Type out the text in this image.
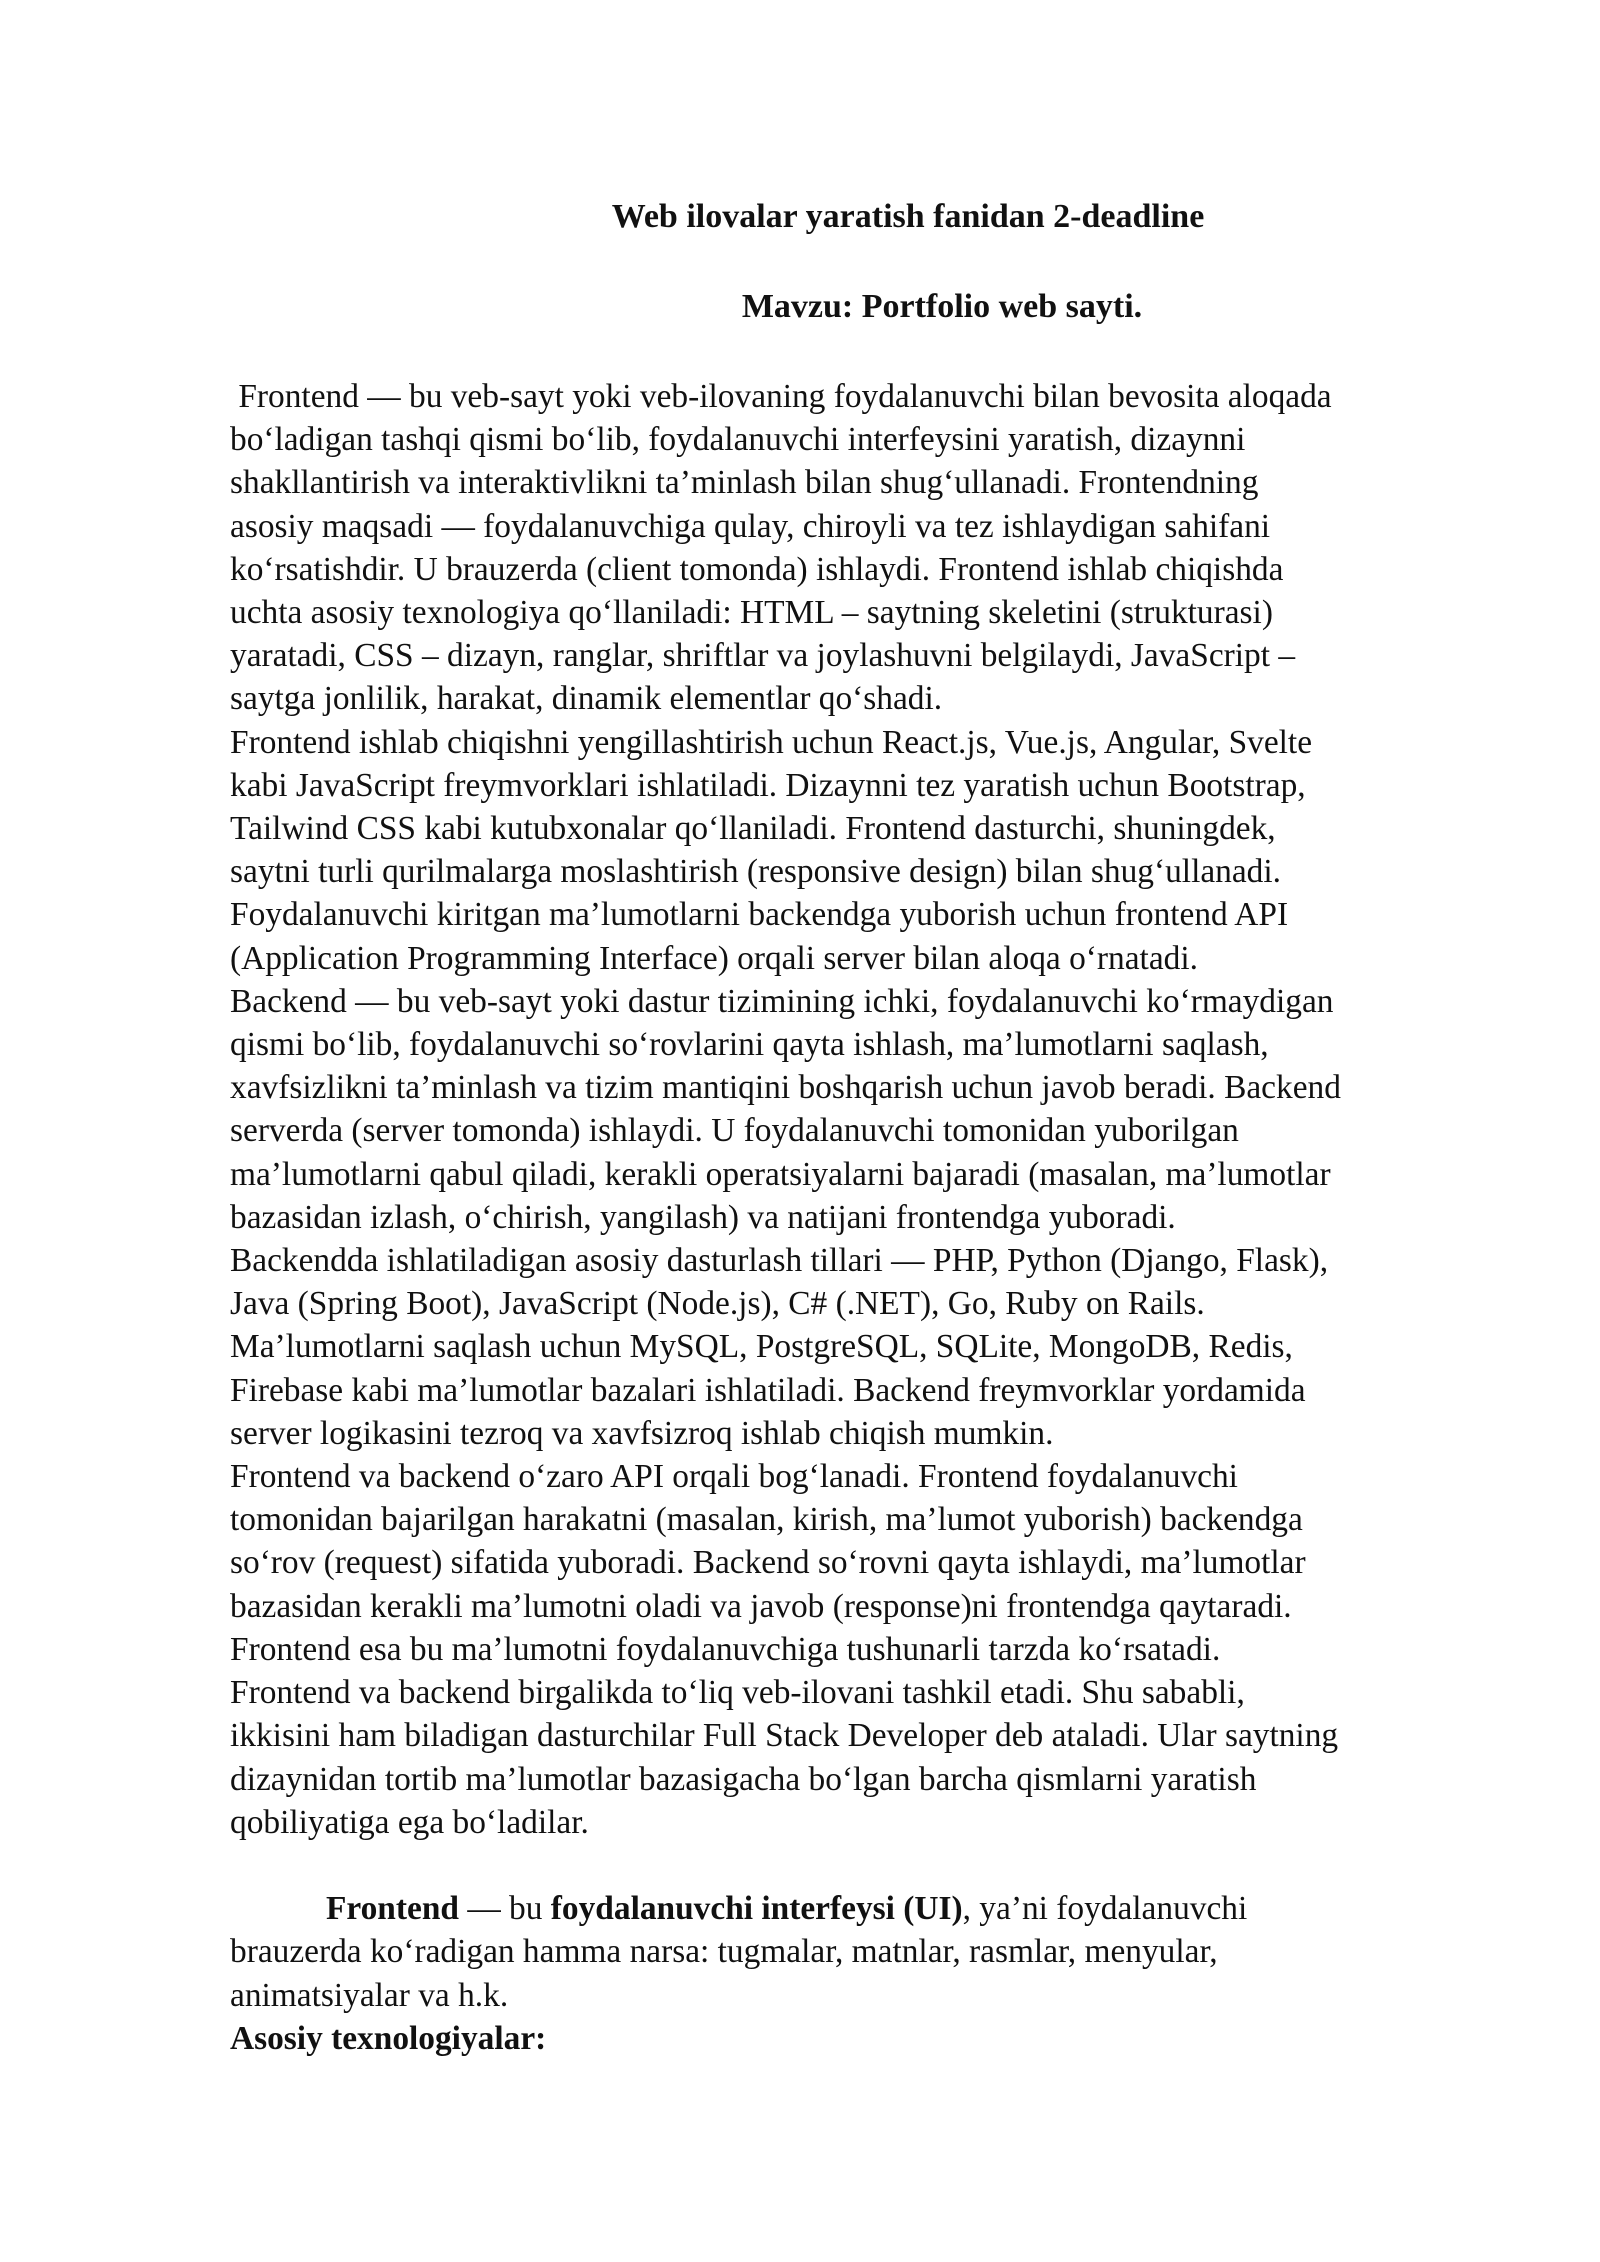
Web ilovalar yaratish fanidan 2-deadline
Mavzu: Portfolio web sayti.
Frontend — bu veb-sayt yoki veb-ilovaning foydalanuvchi bilan bevosita aloqada
bo‘ladigan tashqi qismi bo‘lib, foydalanuvchi interfeysini yaratish, dizaynni
shakllantirish va interaktivlikni ta’minlash bilan shug‘ullanadi. Frontendning
asosiy maqsadi — foydalanuvchiga qulay, chiroyli va tez ishlaydigan sahifani
ko‘rsatishdir. U brauzerda (client tomonda) ishlaydi. Frontend ishlab chiqishda
uchta asosiy texnologiya qo‘llaniladi: HTML – saytning skeletini (strukturasi)
yaratadi, CSS – dizayn, ranglar, shriftlar va joylashuvni belgilaydi, JavaScript –
saytga jonlilik, harakat, dinamik elementlar qo‘shadi.
Frontend ishlab chiqishni yengillashtirish uchun React.js, Vue.js, Angular, Svelte
kabi JavaScript freymvorklari ishlatiladi. Dizaynni tez yaratish uchun Bootstrap,
Tailwind CSS kabi kutubxonalar qo‘llaniladi. Frontend dasturchi, shuningdek,
saytni turli qurilmalarga moslashtirish (responsive design) bilan shug‘ullanadi.
Foydalanuvchi kiritgan ma’lumotlarni backendga yuborish uchun frontend API
(Application Programming Interface) orqali server bilan aloqa o‘rnatadi.
Backend — bu veb-sayt yoki dastur tizimining ichki, foydalanuvchi ko‘rmaydigan
qismi bo‘lib, foydalanuvchi so‘rovlarini qayta ishlash, ma’lumotlarni saqlash,
xavfsizlikni ta’minlash va tizim mantiqini boshqarish uchun javob beradi. Backend
serverda (server tomonda) ishlaydi. U foydalanuvchi tomonidan yuborilgan
ma’lumotlarni qabul qiladi, kerakli operatsiyalarni bajaradi (masalan, ma’lumotlar
bazasidan izlash, o‘chirish, yangilash) va natijani frontendga yuboradi.
Backendda ishlatiladigan asosiy dasturlash tillari — PHP, Python (Django, Flask),
Java (Spring Boot), JavaScript (Node.js), C# (.NET), Go, Ruby on Rails.
Ma’lumotlarni saqlash uchun MySQL, PostgreSQL, SQLite, MongoDB, Redis,
Firebase kabi ma’lumotlar bazalari ishlatiladi. Backend freymvorklar yordamida
server logikasini tezroq va xavfsizroq ishlab chiqish mumkin.
Frontend va backend o‘zaro API orqali bog‘lanadi. Frontend foydalanuvchi
tomonidan bajarilgan harakatni (masalan, kirish, ma’lumot yuborish) backendga
so‘rov (request) sifatida yuboradi. Backend so‘rovni qayta ishlaydi, ma’lumotlar
bazasidan kerakli ma’lumotni oladi va javob (response)ni frontendga qaytaradi.
Frontend esa bu ma’lumotni foydalanuvchiga tushunarli tarzda ko‘rsatadi.
Frontend va backend birgalikda to‘liq veb-ilovani tashkil etadi. Shu sababli,
ikkisini ham biladigan dasturchilar Full Stack Developer deb ataladi. Ular saytning
dizaynidan tortib ma’lumotlar bazasigacha bo‘lgan barcha qismlarni yaratish
qobiliyatiga ega bo‘ladilar.
Frontend — bu foydalanuvchi interfeysi (UI), ya’ni foydalanuvchi
brauzerda ko‘radigan hamma narsa: tugmalar, matnlar, rasmlar, menyular,
animatsiyalar va h.k.
Asosiy texnologiyalar:
